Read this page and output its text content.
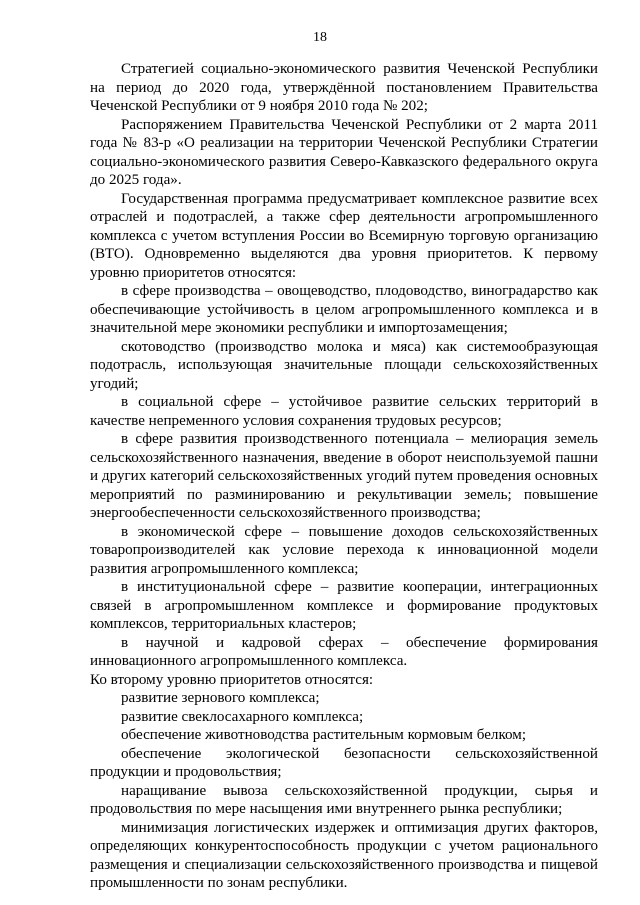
18

Стратегией социально-экономического развития Чеченской Республики на период до 2020 года, утверждённой постановлением Правительства Чеченской Республики от 9 ноября 2010 года № 202;

Распоряжением Правительства Чеченской Республики от 2 марта 2011 года № 83-р «О реализации на территории Чеченской Республики Стратегии социально-экономического развития Северо-Кавказского федерального округа до 2025 года».

Государственная программа предусматривает комплексное развитие всех отраслей и подотраслей, а также сфер деятельности агропромышленного комплекса с учетом вступления России во Всемирную торговую организацию (ВТО). Одновременно выделяются два уровня приоритетов. К первому уровню приоритетов относятся:

в сфере производства – овощеводство, плодоводство, виноградарство как обеспечивающие устойчивость в целом агропромышленного комплекса и в значительной мере экономики республики и импортозамещения;

скотоводство (производство молока и мяса) как системообразующая подотрасль, использующая значительные площади сельскохозяйственных угодий;

в социальной сфере – устойчивое развитие сельских территорий в качестве непременного условия сохранения трудовых ресурсов;

в сфере развития производственного потенциала – мелиорация земель сельскохозяйственного назначения, введение в оборот неиспользуемой пашни и других категорий сельскохозяйственных угодий путем проведения основных мероприятий по разминированию и рекультивации земель; повышение энергообеспеченности сельскохозяйственного производства;

в экономической сфере – повышение доходов сельскохозяйственных товаропроизводителей как условие перехода к инновационной модели развития агропромышленного комплекса;

в институциональной сфере – развитие кооперации, интеграционных связей в агропромышленном комплексе и формирование продуктовых комплексов, территориальных кластеров;

в научной и кадровой сферах – обеспечение формирования инновационного агропромышленного комплекса.

Ко второму уровню приоритетов относятся:

развитие зернового комплекса;

развитие свеклосахарного комплекса;

обеспечение животноводства растительным кормовым белком;

обеспечение экологической безопасности сельскохозяйственной продукции и продовольствия;

наращивание вывоза сельскохозяйственной продукции, сырья и продовольствия по мере насыщения ими внутреннего рынка республики;

минимизация логистических издержек и оптимизация других факторов, определяющих конкурентоспособность продукции с учетом рационального размещения и специализации сельскохозяйственного производства и пищевой промышленности по зонам республики.
